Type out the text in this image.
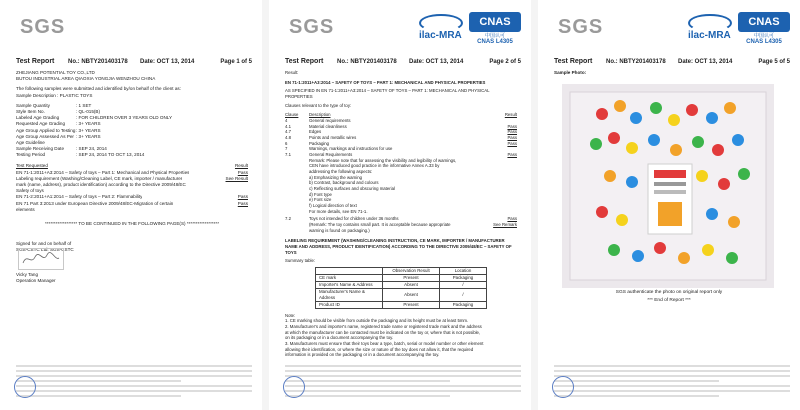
SGS
Test Report No.: NBTY201403178 Date: OCT 13, 2014	Page 1 of 5
ZHEJIANG POTENTIAL TOY CO.,LTD
BUTOU INDUSTRIAL AREA QIAOXIA YONGJIA WENZHOU CHINA
The following samples were submitted and identified by/on behalf of the client as:
Sample Description : PLASTIC TOYS
Sample Quantity	: 1 SET
Style Item No.	: QL-015(B)
Labeled Age Grading	: FOR CHILDREN OVER 3 YEARS OLD ONLY
Requested Age Grading	: 3+ YEARS
Age Group Applied to Testing : 3+ YEARS
Age Group Assessed As Per Age Guideline
: 3+ YEARS
Sample Receiving Date	: SEP 24, 2014
Testing Period	: SEP 24, 2014 TO OCT 13, 2014
Test Requested	Result
EN 71-1:2011+A3:2014 – Safety of toys – Part 1: Mechanical and Physical Properties	Pass
Labeling requirement (Washing/Cleaning Label, CE mark, importer / manufacturer	See Result
mark (name, address), product identification) according to the Directive 2009/48/EC
Safety of toys
EN 71-2:2011+A1:2014 – Safety of toys – Part 2: Flammability	Pass
EN 71 Part 3:2013 under European Directive 2009/48/EC-Migration of certain	Pass
elements
****************** TO BE CONTINUED IN THE FOLLOWING PAGE(S) ******************
Signed for and on behalf of
SGS-CSTC Ltd. SGS-CSTC
Vicky Tang
Operation Manager
SGS	ilac-MRA
CNAS
中国认可
CNAS L4305
Test Report No.: NBTY201403178 Date: OCT 13, 2014	Page 2 of 5
Result:
EN 71-1:2011+A3:2014 – SAFETY OF TOYS – PART 1: MECHANICAL AND PHYSICAL PROPERTIES
AS SPECIFIED IN EN 71-1:2011+A3:2014 – SAFETY OF TOYS – PART 1: MECHANICAL AND PHYSICAL PROPERTIES
Clauses relevant to the type of toy:
Clause	Description	Result
4	General requirements
4.1	Material cleanliness	Pass
4.7	Edges	Pass
4.8	Points and metallic wires	Pass
6	Packaging	Pass
7	Warnings, markings and instructions for use
7.1	General Requirements	Pass
Remark: Please note that for assessing the visibility and legibility of warnings,
CEN have introduced good practice in the informative Annex A.33 by
addressing the following aspects:
a) Emphasizing the warning
b) Contrast, background and colours
c) Reflecting surfaces and obscuring material
d) Font type
e) Font size
f) Logical direction of text
For more details, see EN 71-1.
7.2	Toys not intended for children under 36 months	Pass
(Remark: The toy contains small part. It is acceptable because appropriate	See Remark
warning is found on packaging.)
LABELING REQUIREMENT (WASHING/CLEANING INSTRUCTION, CE MARK, IMPORTER / MANUFACTURER NAME AND ADDRESS, PRODUCT IDENTIFICATION) ACCORDING TO THE DIRECTIVE 2009/48/EC – SAFETY OF TOYS
Summary table:
	Observation Result	Location
CE mark	Present	Packaging
Importer's Name & Address	Absent	/
Manufacturer's Name & Address	Absent	/
Product ID	Present	Packaging
Note:
1. CE marking should be visible from outside the packaging and its height must be at least 5mm.
2. Manufacturer's and importer's name, registered trade name or registered trade mark and the address
at which the manufacturer can be contacted must be indicated on the toy or, where that is not possible,
on its packaging or in a document accompanying the toy.
3. Manufacturers must ensure that their toys bear a type, batch, serial or model number or other element
allowing their identification, or where the size or nature of the toy does not allow it, that the required
information is provided on the packaging or in a document accompanying the toy.
SGS	ilac-MRA
CNAS
中国认可
CNAS L4305
Test Report No.: NBTY201403178 Date: OCT 13, 2014	Page 5 of 5
Sample Photo:
SGS authenticate the photo on original report only
*** End of Report ***
